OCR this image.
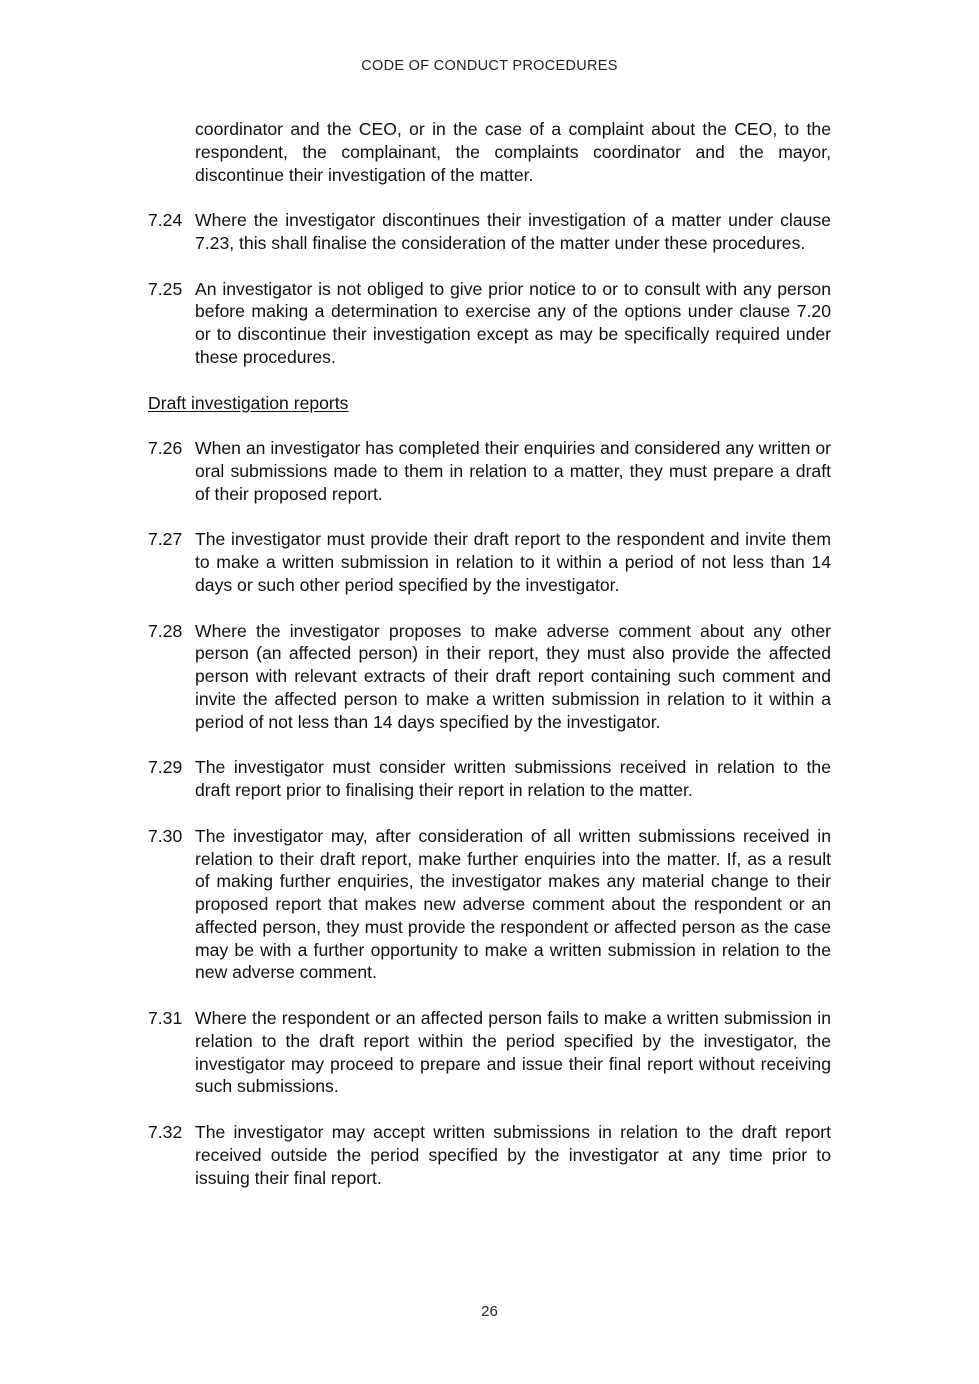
CODE OF CONDUCT PROCEDURES
coordinator and the CEO, or in the case of a complaint about the CEO, to the respondent, the complainant, the complaints coordinator and the mayor, discontinue their investigation of the matter.
7.24 Where the investigator discontinues their investigation of a matter under clause 7.23, this shall finalise the consideration of the matter under these procedures.
7.25 An investigator is not obliged to give prior notice to or to consult with any person before making a determination to exercise any of the options under clause 7.20 or to discontinue their investigation except as may be specifically required under these procedures.
Draft investigation reports
7.26 When an investigator has completed their enquiries and considered any written or oral submissions made to them in relation to a matter, they must prepare a draft of their proposed report.
7.27 The investigator must provide their draft report to the respondent and invite them to make a written submission in relation to it within a period of not less than 14 days or such other period specified by the investigator.
7.28 Where the investigator proposes to make adverse comment about any other person (an affected person) in their report, they must also provide the affected person with relevant extracts of their draft report containing such comment and invite the affected person to make a written submission in relation to it within a period of not less than 14 days specified by the investigator.
7.29 The investigator must consider written submissions received in relation to the draft report prior to finalising their report in relation to the matter.
7.30 The investigator may, after consideration of all written submissions received in relation to their draft report, make further enquiries into the matter. If, as a result of making further enquiries, the investigator makes any material change to their proposed report that makes new adverse comment about the respondent or an affected person, they must provide the respondent or affected person as the case may be with a further opportunity to make a written submission in relation to the new adverse comment.
7.31 Where the respondent or an affected person fails to make a written submission in relation to the draft report within the period specified by the investigator, the investigator may proceed to prepare and issue their final report without receiving such submissions.
7.32 The investigator may accept written submissions in relation to the draft report received outside the period specified by the investigator at any time prior to issuing their final report.
26
